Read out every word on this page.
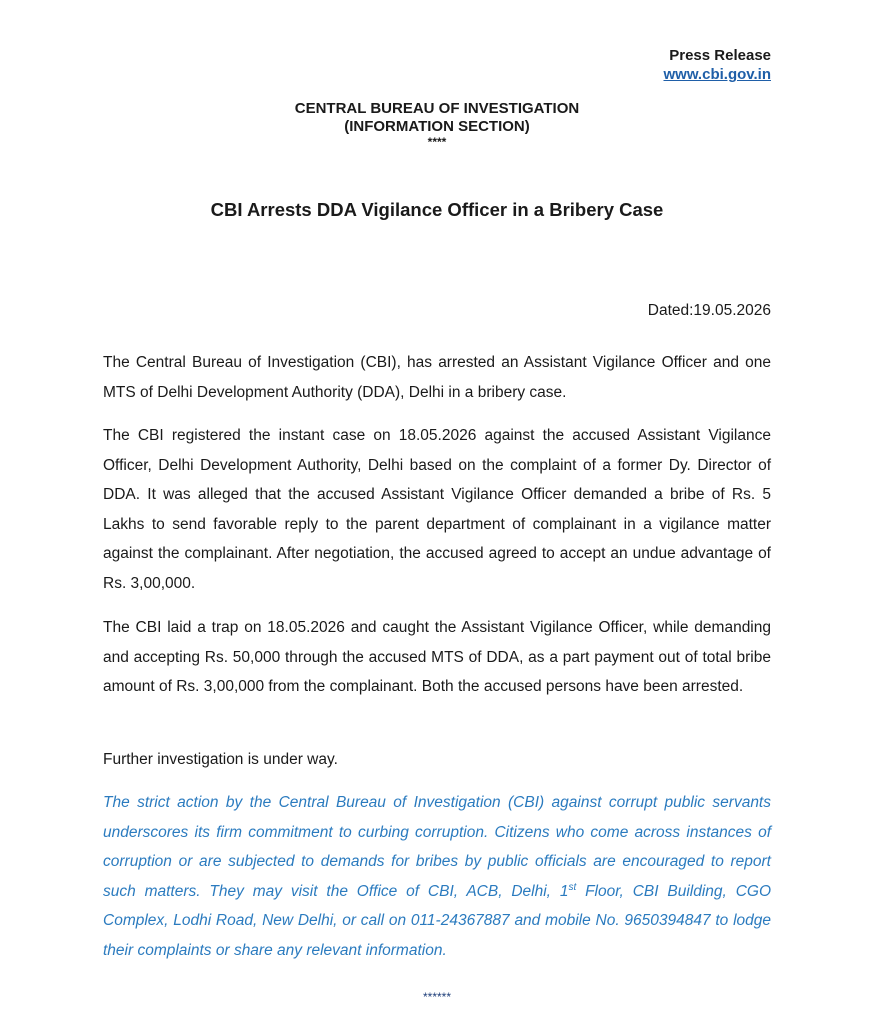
Press Release
www.cbi.gov.in
CENTRAL BUREAU OF INVESTIGATION
(INFORMATION SECTION)
****
CBI Arrests DDA Vigilance Officer in a Bribery Case
Dated:19.05.2026

The Central Bureau of Investigation (CBI), has arrested an Assistant Vigilance Officer and one MTS of Delhi Development Authority (DDA), Delhi in a bribery case.

The CBI registered the instant case on 18.05.2026 against the accused Assistant Vigilance Officer, Delhi Development Authority, Delhi based on the complaint of a former Dy. Director of DDA. It was alleged that the accused Assistant Vigilance Officer demanded a bribe of Rs. 5 Lakhs to send favorable reply to the parent department of complainant in a vigilance matter against the complainant. After negotiation, the accused agreed to accept an undue advantage of Rs. 3,00,000.

The CBI laid a trap on 18.05.2026 and caught the Assistant Vigilance Officer, while demanding and accepting Rs. 50,000 through the accused MTS of DDA, as a part payment out of total bribe amount of Rs. 3,00,000 from the complainant. Both the accused persons have been arrested.

Further investigation is under way.

The strict action by the Central Bureau of Investigation (CBI) against corrupt public servants underscores its firm commitment to curbing corruption. Citizens who come across instances of corruption or are subjected to demands for bribes by public officials are encouraged to report such matters. They may visit the Office of CBI, ACB, Delhi, 1st Floor, CBI Building, CGO Complex, Lodhi Road, New Delhi, or call on 011-24367887 and mobile No. 9650394847 to lodge their complaints or share any relevant information.

******
